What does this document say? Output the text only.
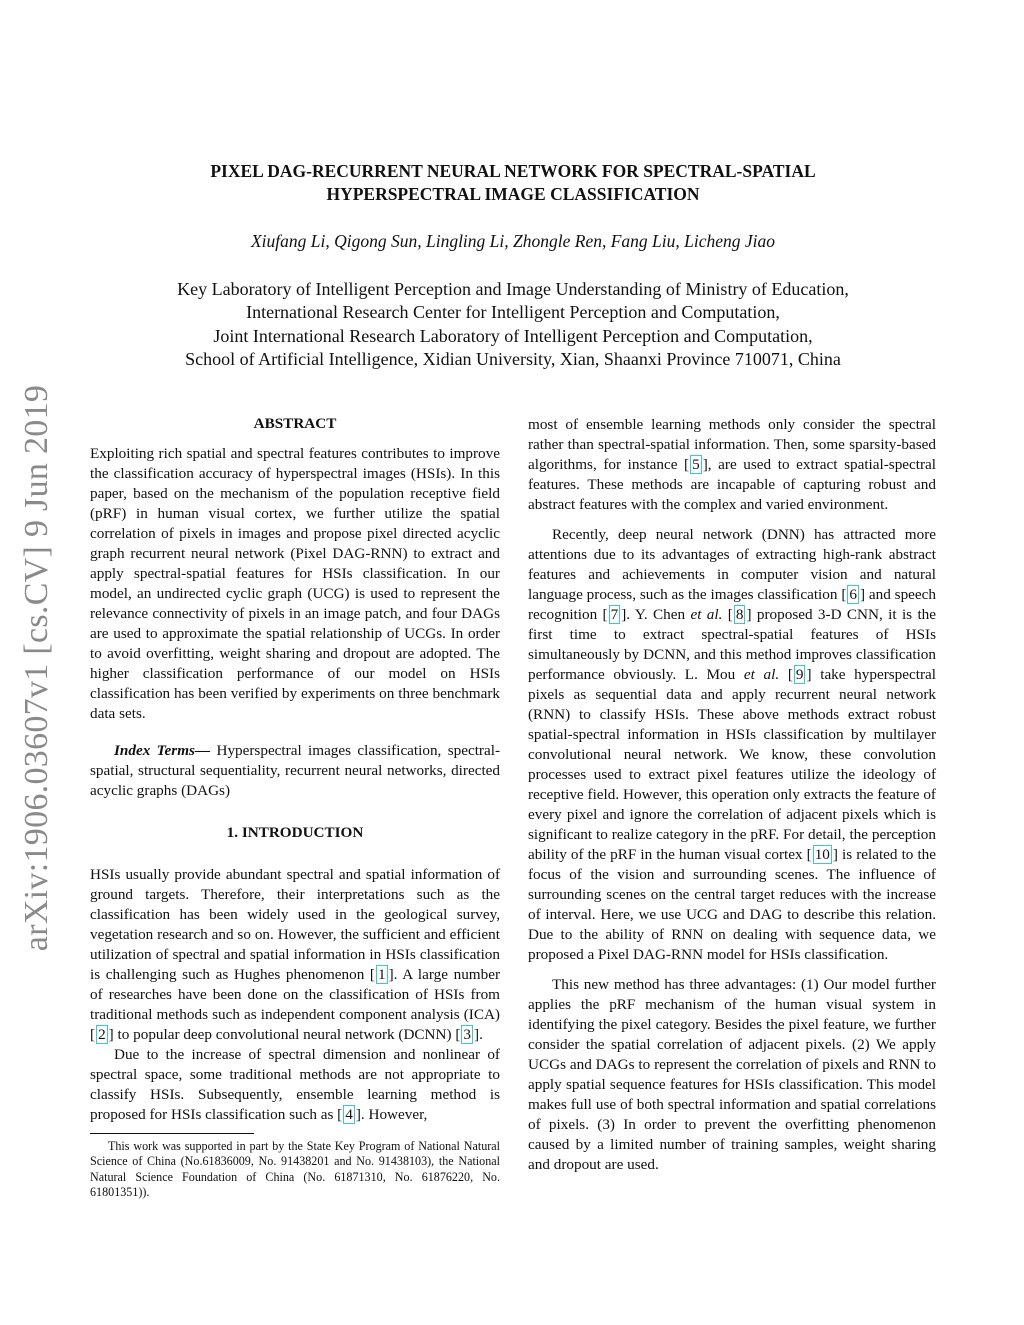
arXiv:1906.03607v1 [cs.CV] 9 Jun 2019
PIXEL DAG-RECURRENT NEURAL NETWORK FOR SPECTRAL-SPATIAL
HYPERSPECTRAL IMAGE CLASSIFICATION
Xiufang Li, Qigong Sun, Lingling Li, Zhongle Ren, Fang Liu, Licheng Jiao
Key Laboratory of Intelligent Perception and Image Understanding of Ministry of Education,
International Research Center for Intelligent Perception and Computation,
Joint International Research Laboratory of Intelligent Perception and Computation,
School of Artificial Intelligence, Xidian University, Xian, Shaanxi Province 710071, China
ABSTRACT

Exploiting rich spatial and spectral features contributes to improve the classification accuracy of hyperspectral images (HSIs). In this paper, based on the mechanism of the population receptive field (pRF) in human visual cortex, we further utilize the spatial correlation of pixels in images and propose pixel directed acyclic graph recurrent neural network (Pixel DAG-RNN) to extract and apply spectral-spatial features for HSIs classification. In our model, an undirected cyclic graph (UCG) is used to represent the relevance connectivity of pixels in an image patch, and four DAGs are used to approximate the spatial relationship of UCGs. In order to avoid overfitting, weight sharing and dropout are adopted. The higher classification performance of our model on HSIs classification has been verified by experiments on three benchmark data sets.

Index Terms— Hyperspectral images classification, spectral-spatial, structural sequentiality, recurrent neural networks, directed acyclic graphs (DAGs)

1. INTRODUCTION

HSIs usually provide abundant spectral and spatial information of ground targets. Therefore, their interpretations such as the classification has been widely used in the geological survey, vegetation research and so on. However, the sufficient and efficient utilization of spectral and spatial information in HSIs classification is challenging such as Hughes phenomenon [ 1 ]. A large number of researches have been done on the classification of HSIs from traditional methods such as independent component analysis (ICA) [ 2 ] to popular deep convolutional neural network (DCNN) [ 3 ].

Due to the increase of spectral dimension and nonlinear of spectral space, some traditional methods are not appropriate to classify HSIs. Subsequently, ensemble learning method is proposed for HSIs classification such as [ 4 ]. However,

This work was supported in part by the State Key Program of National Natural Science of China (No.61836009, No. 91438201 and No. 91438103), the National Natural Science Foundation of China (No. 61871310, No. 61876220, No. 61801351)).

most of ensemble learning methods only consider the spectral rather than spectral-spatial information. Then, some sparsity-based algorithms, for instance [ 5 ], are used to extract spatial-spectral features. These methods are incapable of capturing robust and abstract features with the complex and varied environment.

Recently, deep neural network (DNN) has attracted more attentions due to its advantages of extracting high-rank abstract features and achievements in computer vision and natural language process, such as the images classification [ 6 ] and speech recognition [ 7 ]. Y. Chen et al. [ 8 ] proposed 3-D CNN, it is the first time to extract spectral-spatial features of HSIs simultaneously by DCNN, and this method improves classification performance obviously. L. Mou et al. [ 9 ] take hyperspectral pixels as sequential data and apply recurrent neural network (RNN) to classify HSIs. These above methods extract robust spatial-spectral information in HSIs classification by multilayer convolutional neural network. We know, these convolution processes used to extract pixel features utilize the ideology of receptive field. However, this operation only extracts the feature of every pixel and ignore the correlation of adjacent pixels which is significant to realize category in the pRF. For detail, the perception ability of the pRF in the human visual cortex [ 10 ] is related to the focus of the vision and surrounding scenes. The influence of surrounding scenes on the central target reduces with the increase of interval. Here, we use UCG and DAG to describe this relation. Due to the ability of RNN on dealing with sequence data, we proposed a Pixel DAG-RNN model for HSIs classification.

This new method has three advantages: (1) Our model further applies the pRF mechanism of the human visual system in identifying the pixel category. Besides the pixel feature, we further consider the spatial correlation of adjacent pixels. (2) We apply UCGs and DAGs to represent the correlation of pixels and RNN to apply spatial sequence features for HSIs classification. This model makes full use of both spectral information and spatial correlations of pixels. (3) In order to prevent the overfitting phenomenon caused by a limited number of training samples, weight sharing and dropout are used.
